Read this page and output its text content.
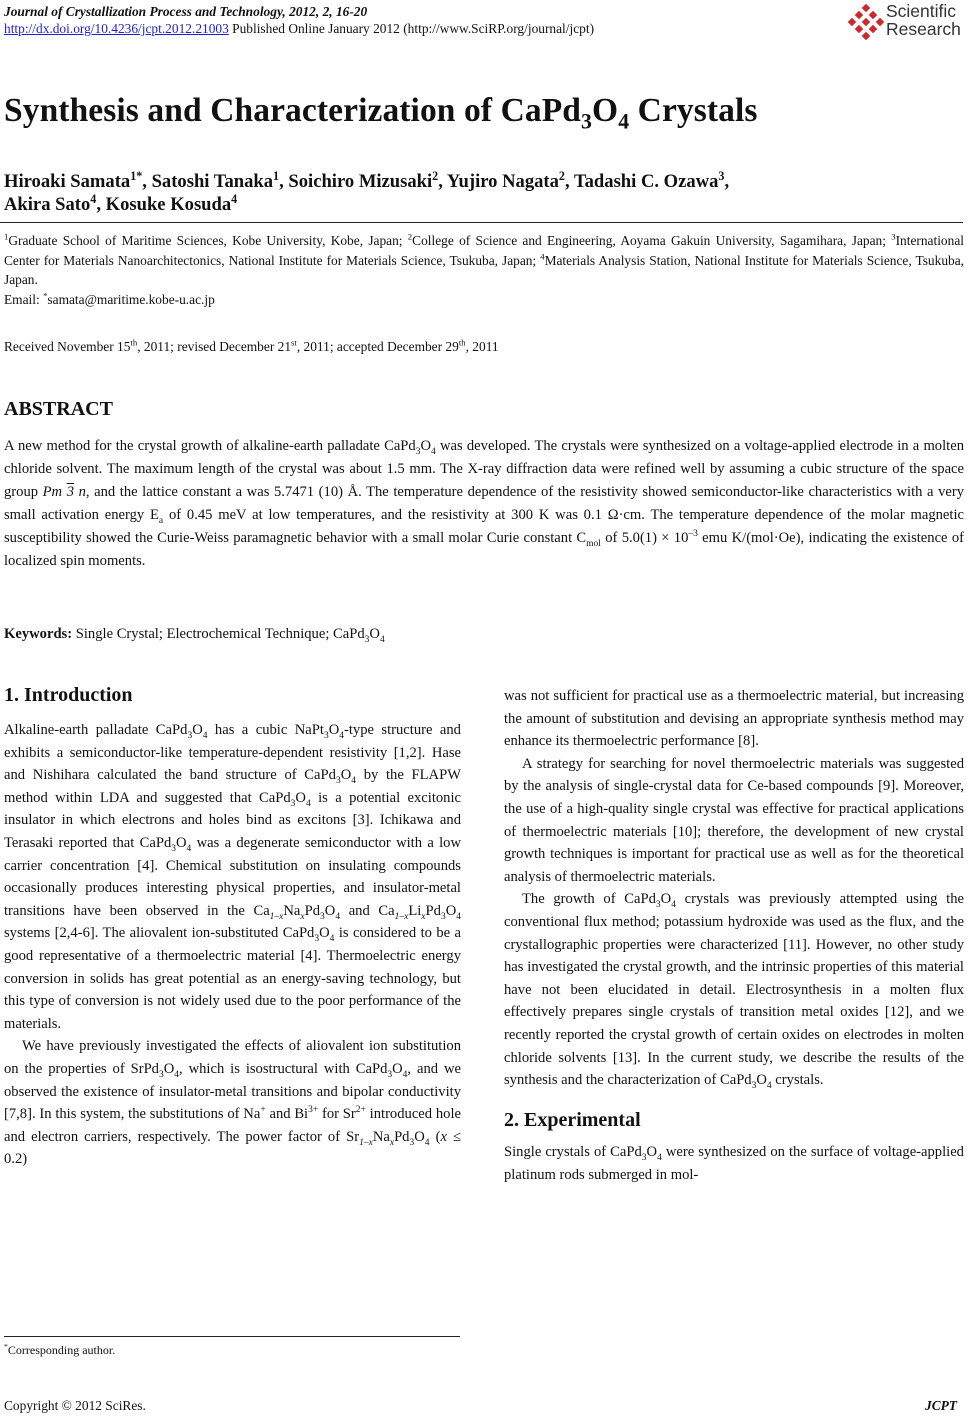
Journal of Crystallization Process and Technology, 2012, 2, 16-20
http://dx.doi.org/10.4236/jcpt.2012.21003 Published Online January 2012 (http://www.SciRP.org/journal/jcpt)
Scientific
Research
Synthesis and Characterization of $CaPd_3O_4$ Crystals
Hiroaki Samata$^{1*}$, Satoshi Tanaka$^1$, Soichiro Mizusaki$^2$, Yujiro Nagata$^2$, Tadashi C. Ozawa$^3$,
Akira Sato$^4$, Kosuke Kosuda$^4$
$^1$Graduate School of Maritime Sciences, Kobe University, Kobe, Japan; $^2$College of Science and Engineering, Aoyama Gakuin University, Sagamihara, Japan; $^3$International Center for Materials Nanoarchitectonics, National Institute for Materials Science, Tsukuba, Japan; $^4$Materials Analysis Station, National Institute for Materials Science, Tsukuba, Japan.
Email: *samata@maritime.kobe-u.ac.jp
Received November 15th, 2011; revised December 21st, 2011; accepted December 29th, 2011
ABSTRACT
A new method for the crystal growth of alkaline-earth palladate $CaPd_3O_4$ was developed. The crystals were synthesized on a voltage-applied electrode in a molten chloride solvent. The maximum length of the crystal was about 1.5 mm. The X-ray diffraction data were refined well by assuming a cubic structure of the space group Pm 3 n, and the lattice constant a was 5.7471 (10) Å. The temperature dependence of the resistivity showed semiconductor-like characteristics with a very small activation energy $E_a$ of 0.45 meV at low temperatures, and the resistivity at 300 K was 0.1 Ω·cm. The temperature dependence of the molar magnetic susceptibility showed the Curie-Weiss paramagnetic behavior with a small molar Curie constant $C_{mol}$ of $5.0(1) \times 10^{-3}$ emu K/(mol·Oe), indicating the existence of localized spin moments.
Keywords: Single Crystal; Electrochemical Technique; $CaPd_3O_4$
1. Introduction

Alkaline-earth palladate $CaPd_3O_4$ has a cubic $NaPt_3O_4$-type structure and exhibits a semiconductor-like temperature-dependent resistivity [1,2]. Hase and Nishihara calculated the band structure of $CaPd_3O_4$ by the FLAPW method within LDA and suggested that $CaPd_3O_4$ is a potential excitonic insulator in which electrons and holes bind as excitons [3]. Ichikawa and Terasaki reported that $CaPd_3O_4$ was a degenerate semiconductor with a low carrier concentration [4]. Chemical substitution on insulating compounds occasionally produces interesting physical properties, and insulator-metal transitions have been observed in the $Ca_{1-x}Na_xPd_3O_4$ and $Ca_{1-x}Li_xPd_3O_4$ systems [2,4-6]. The aliovalent ion-substituted $CaPd_3O_4$ is considered to be a good representative of a thermoelectric material [4]. Thermoelectric energy conversion in solids has great potential as an energy-saving technology, but this type of conversion is not widely used due to the poor performance of the materials.

We have previously investigated the effects of aliovalent ion substitution on the properties of $SrPd_3O_4$, which is isostructural with $CaPd_3O_4$, and we observed the existence of insulator-metal transitions and bipolar conductivity [7,8]. In this system, the substitutions of Na+ and $Bi^{3+}$ for $Sr^{2+}$ introduced hole and electron carriers, respectively. The power factor of $Sr_{1-x}Na_xPd_3O_4$ (x ≤ 0.2)

was not sufficient for practical use as a thermoelectric material, but increasing the amount of substitution and devising an appropriate synthesis method may enhance its thermoelectric performance [8].

A strategy for searching for novel thermoelectric materials was suggested by the analysis of single-crystal data for Ce-based compounds [9]. Moreover, the use of a high-quality single crystal was effective for practical applications of thermoelectric materials [10]; therefore, the development of new crystal growth techniques is important for practical use as well as for the theoretical analysis of thermoelectric materials.

The growth of $CaPd_3O_4$ crystals was previously attempted using the conventional flux method; potassium hydroxide was used as the flux, and the crystallographic properties were characterized [11]. However, no other study has investigated the crystal growth, and the intrinsic properties of this material have not been elucidated in detail. Electrosynthesis in a molten flux effectively prepares single crystals of transition metal oxides [12], and we recently reported the crystal growth of certain oxides on electrodes in molten chloride solvents [13]. In the current study, we describe the results of the synthesis and the characterization of $CaPd_3O_4$ crystals.

2. Experimental

Single crystals of $CaPd_3O_4$ were synthesized on the surface of voltage-applied platinum rods submerged in mol-

*Corresponding author.
Copyright © 2012 SciRes.	JCPT
